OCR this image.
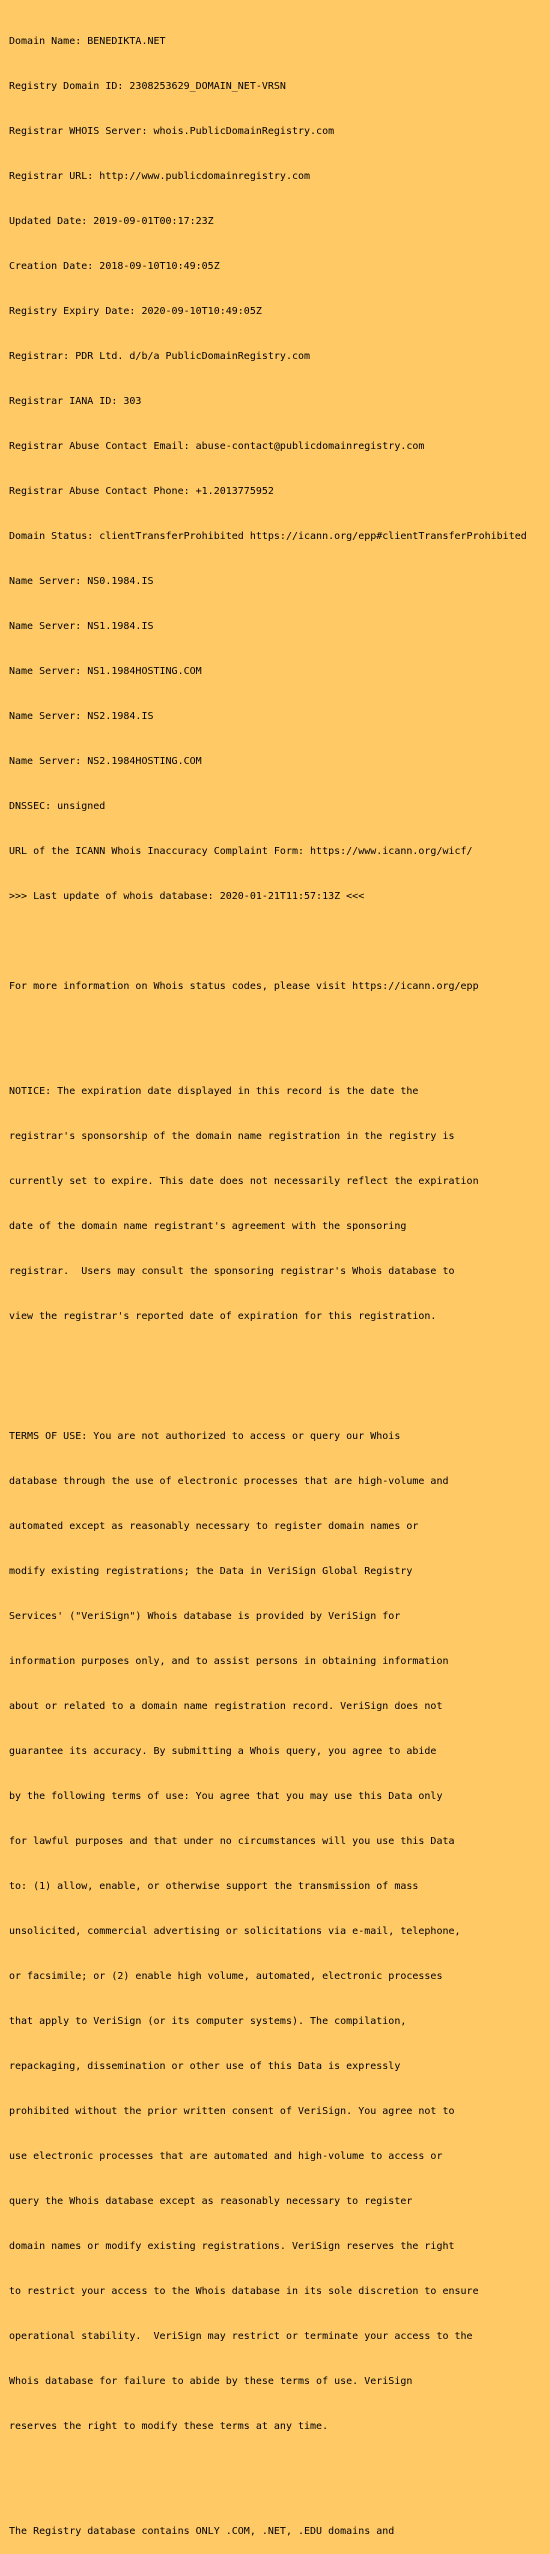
Domain Name: BENEDIKTA.NET

Registry Domain ID: 2308253629_DOMAIN_NET-VRSN

Registrar WHOIS Server: whois.PublicDomainRegistry.com

Registrar URL: http://www.publicdomainregistry.com

Updated Date: 2019-09-01T00:17:23Z

Creation Date: 2018-09-10T10:49:05Z

Registry Expiry Date: 2020-09-10T10:49:05Z

Registrar: PDR Ltd. d/b/a PublicDomainRegistry.com

Registrar IANA ID: 303

Registrar Abuse Contact Email: abuse-contact@publicdomainregistry.com

Registrar Abuse Contact Phone: +1.2013775952

Domain Status: clientTransferProhibited https://icann.org/epp#clientTransferProhibited

Name Server: NS0.1984.IS

Name Server: NS1.1984.IS

Name Server: NS1.1984HOSTING.COM

Name Server: NS2.1984.IS

Name Server: NS2.1984HOSTING.COM

DNSSEC: unsigned

URL of the ICANN Whois Inaccuracy Complaint Form: https://www.icann.org/wicf/

>>> Last update of whois database: 2020-01-21T11:57:13Z <<<

For more information on Whois status codes, please visit https://icann.org/epp

NOTICE: The expiration date displayed in this record is the date the

registrar's sponsorship of the domain name registration in the registry is

currently set to expire. This date does not necessarily reflect the expiration

date of the domain name registrant's agreement with the sponsoring

registrar.  Users may consult the sponsoring registrar's Whois database to

view the registrar's reported date of expiration for this registration.

TERMS OF USE: You are not authorized to access or query our Whois

database through the use of electronic processes that are high-volume and

automated except as reasonably necessary to register domain names or

modify existing registrations; the Data in VeriSign Global Registry

Services' ("VeriSign") Whois database is provided by VeriSign for

information purposes only, and to assist persons in obtaining information

about or related to a domain name registration record. VeriSign does not

guarantee its accuracy. By submitting a Whois query, you agree to abide

by the following terms of use: You agree that you may use this Data only

for lawful purposes and that under no circumstances will you use this Data

to: (1) allow, enable, or otherwise support the transmission of mass

unsolicited, commercial advertising or solicitations via e-mail, telephone,

or facsimile; or (2) enable high volume, automated, electronic processes

that apply to VeriSign (or its computer systems). The compilation,

repackaging, dissemination or other use of this Data is expressly

prohibited without the prior written consent of VeriSign. You agree not to

use electronic processes that are automated and high-volume to access or

query the Whois database except as reasonably necessary to register

domain names or modify existing registrations. VeriSign reserves the right

to restrict your access to the Whois database in its sole discretion to ensure

operational stability.  VeriSign may restrict or terminate your access to the

Whois database for failure to abide by these terms of use. VeriSign

reserves the right to modify these terms at any time.

The Registry database contains ONLY .COM, .NET, .EDU domains and
